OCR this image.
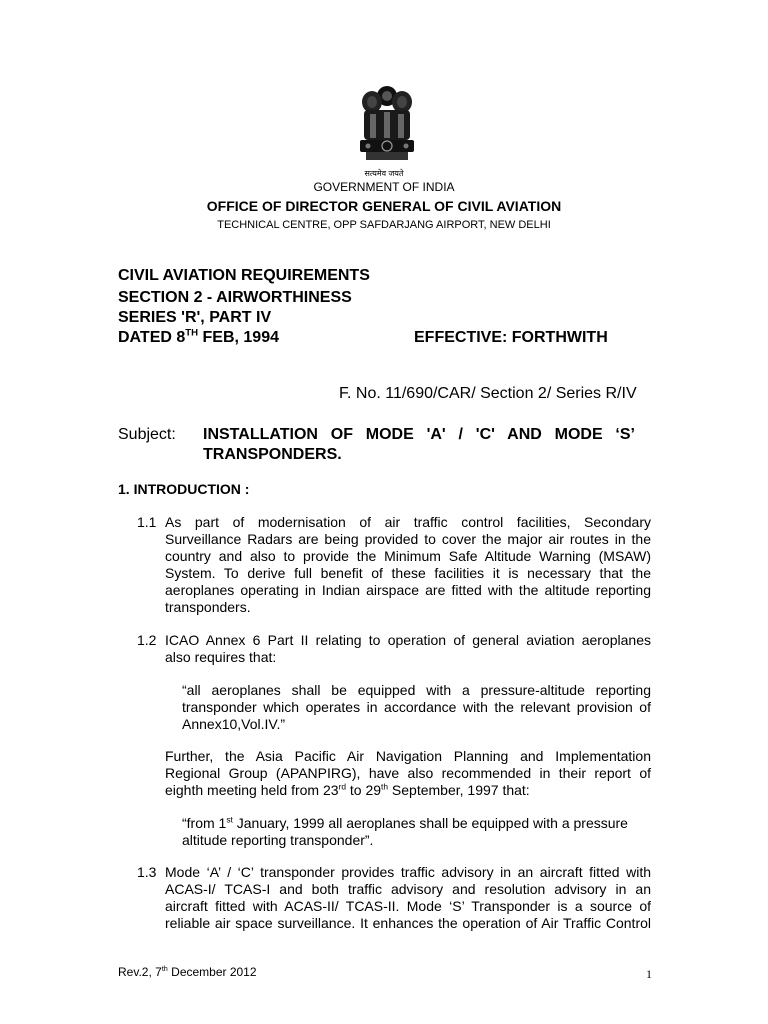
सत्यमेव जयते
GOVERNMENT OF INDIA
OFFICE OF DIRECTOR GENERAL OF CIVIL AVIATION
TECHNICAL CENTRE, OPP SAFDARJANG AIRPORT, NEW DELHI
CIVIL AVIATION REQUIREMENTS
SECTION 2 - AIRWORTHINESS
SERIES 'R', PART IV
DATED 8TH FEB, 1994	EFFECTIVE: FORTHWITH
F. No. 11/690/CAR/ Section 2/ Series R/IV
Subject: INSTALLATION OF MODE 'A' / 'C' AND MODE ‘S’
TRANSPONDERS.
1. INTRODUCTION :
1.1 As part of modernisation of air traffic control facilities, Secondary
Surveillance Radars are being provided to cover the major air routes in the
country and also to provide the Minimum Safe Altitude Warning (MSAW)
System. To derive full benefit of these facilities it is necessary that the
aeroplanes operating in Indian airspace are fitted with the altitude reporting
transponders.
1.2 ICAO Annex 6 Part II relating to operation of general aviation aeroplanes
also requires that:
“all aeroplanes shall be equipped with a pressure-altitude reporting
transponder which operates in accordance with the relevant provision of
Annex10,Vol.IV.”
Further, the Asia Pacific Air Navigation Planning and Implementation
Regional Group (APANPIRG), have also recommended in their report of
eighth meeting held from 23rd to 29th September, 1997 that:
“from 1st January, 1999 all aeroplanes shall be equipped with a pressure
altitude reporting transponder”.
1.3 Mode ‘A’ / ‘C’ transponder provides traffic advisory in an aircraft fitted with
ACAS-I/ TCAS-I and both traffic advisory and resolution advisory in an
aircraft fitted with ACAS-II/ TCAS-II. Mode ‘S’ Transponder is a source of
reliable air space surveillance. It enhances the operation of Air Traffic Control
Rev.2, 7th December 2012	1
